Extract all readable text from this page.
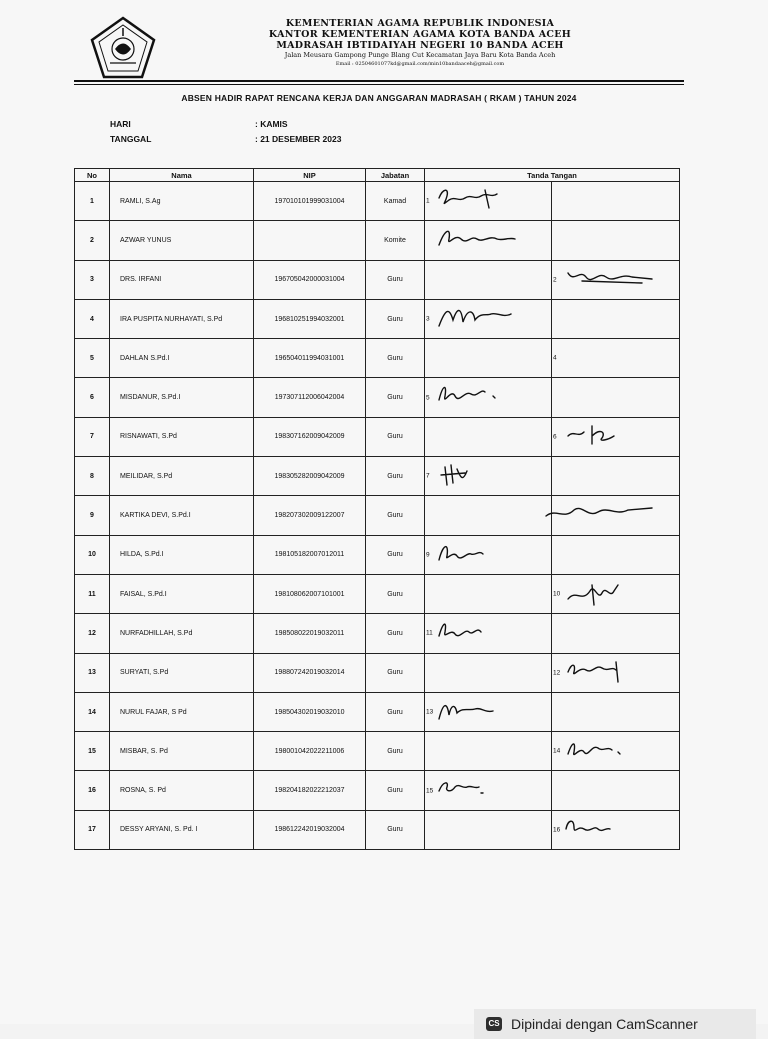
KEMENTERIAN AGAMA REPUBLIK INDONESIA
KANTOR KEMENTERIAN AGAMA KOTA BANDA ACEH
MADRASAH IBTIDAIYAH NEGERI 10 BANDA ACEH
Jalan Meusara Gampong Punge Blang Cut Kecamatan Jaya Baru Kota Banda Aceh
Email : 02504601077kd@gmail.com/min10bandaaceh@gmail.com
ABSEN HADIR RAPAT RENCANA KERJA DAN ANGGARAN MADRASAH ( RKAM ) TAHUN 2024
HARI	: KAMIS
TANGGAL	: 21 DESEMBER 2023
No	Nama	NIP	Jabatan	Tanda Tangan	
1	RAMLI, S.Ag	197010101999031004	Kamad	1	

2	AZWAR YUNUS		Komite	

3	DRS. IRFANI	196705042000031004	Guru		2

4	IRA PUSPITA NURHAYATI, S.Pd	196810251994032001	Guru	3	

5	DAHLAN S.Pd.I	196504011994031001	Guru		4

6	MISDANUR, S.Pd.I	197307112006042004	Guru	5	

7	RISNAWATI, S.Pd	198307162009042009	Guru		6

8	MEILIDAR, S.Pd	198305282009042009	Guru	7	

9	KARTIKA DEVI, S.Pd.I	198207302009122007	Guru	

10	HILDA, S.Pd.I	198105182007012011	Guru	9	

11	FAISAL, S.Pd.I	198108062007101001	Guru		10

12	NURFADHILLAH, S.Pd	198508022019032011	Guru	11	

13	SURYATI, S.Pd	198807242019032014	Guru		12

14	NURUL FAJAR, S Pd	198504302019032010	Guru	13	

15	MISBAR, S. Pd	198001042022211006	Guru		14

16	ROSNA, S. Pd	198204182022212037	Guru	15	

17	DESSY ARYANI, S. Pd. I	198612242019032004	Guru		16
CS Dipindai dengan CamScanner
